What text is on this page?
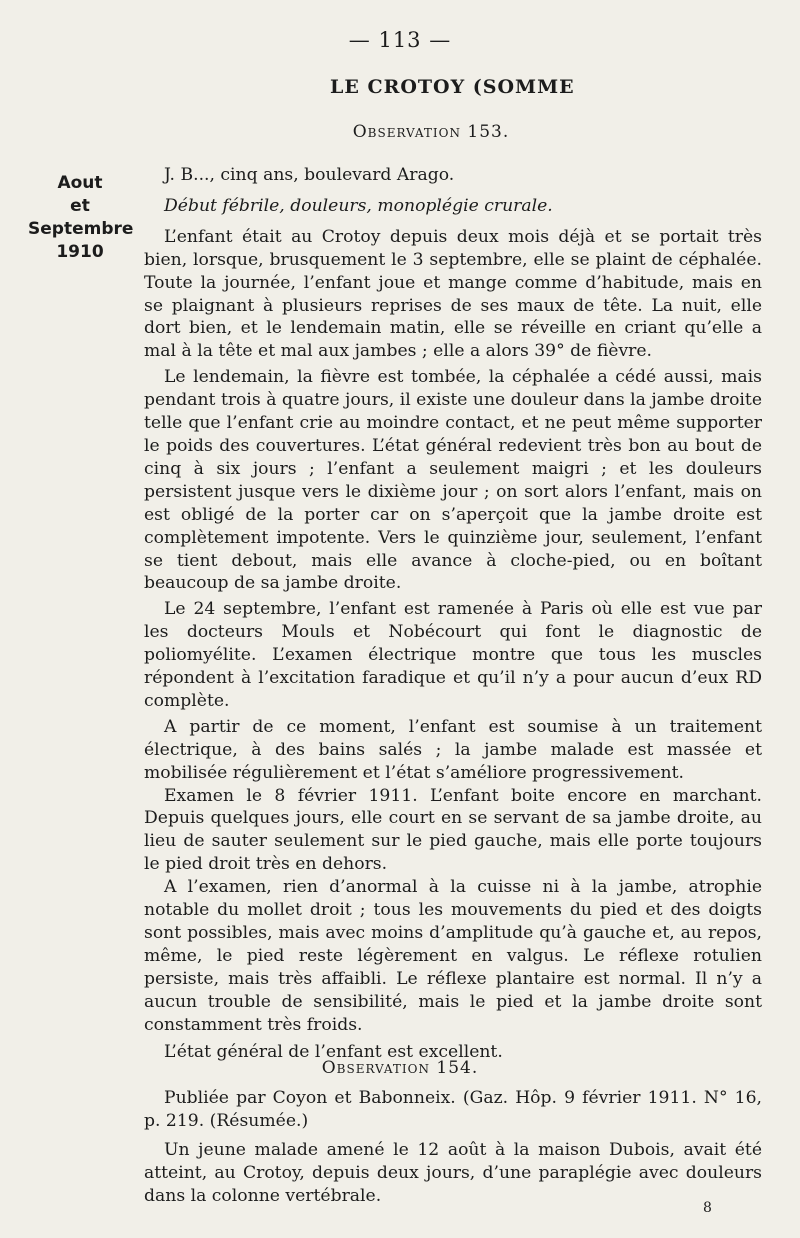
— 113 —
LE CROTOY (SOMME
Observation 153.
Aout
et
Septembre
1910

J. B..., cinq ans, boulevard Arago.

Début fébrile, douleurs, monoplégie crurale.

L’enfant était au Crotoy depuis deux mois déjà et se portait très bien, lorsque, brusquement le 3 septembre, elle se plaint de céphalée. Toute la journée, l’enfant joue et mange comme d’habitude, mais en se plaignant à plusieurs reprises de ses maux de tête. La nuit, elle dort bien, et le lendemain matin, elle se réveille en criant qu’elle a mal à la tête et mal aux jambes ; elle a alors 39° de fièvre.

Le lendemain, la fièvre est tombée, la céphalée a cédé aussi, mais pendant trois à quatre jours, il existe une douleur dans la jambe droite telle que l’enfant crie au moindre contact, et ne peut même supporter le poids des couvertures. L’état général redevient très bon au bout de cinq à six jours ; l’enfant a seulement maigri ; et les douleurs persistent jusque vers le dixième jour ; on sort alors l’enfant, mais on est obligé de la porter car on s’aperçoit que la jambe droite est complètement impotente. Vers le quinzième jour, seulement, l’enfant se tient debout, mais elle avance à cloche-pied, ou en boîtant beaucoup de sa jambe droite.

Le 24 septembre, l’enfant est ramenée à Paris où elle est vue par les docteurs Mouls et Nobécourt qui font le diagnostic de poliomyélite. L’examen électrique montre que tous les muscles répondent à l’excitation faradique et qu’il n’y a pour aucun d’eux RD complète.

A partir de ce moment, l’enfant est soumise à un traitement électrique, à des bains salés ; la jambe malade est massée et mobilisée régulièrement et l’état s’améliore progressivement.

Examen le 8 février 1911. L’enfant boite encore en marchant. Depuis quelques jours, elle court en se servant de sa jambe droite, au lieu de sauter seulement sur le pied gauche, mais elle porte toujours le pied droit très en dehors.

A l’examen, rien d’anormal à la cuisse ni à la jambe, atrophie notable du mollet droit ; tous les mouvements du pied et des doigts sont possibles, mais avec moins d’amplitude qu’à gauche et, au repos, même, le pied reste légèrement en valgus. Le réflexe rotulien persiste, mais très affaibli. Le réflexe plantaire est normal. Il n’y a aucun trouble de sensibilité, mais le pied et la jambe droite sont constamment très froids.

L’état général de l’enfant est excellent.

Observation 154.

Publiée par Coyon et Babonneix. (Gaz. Hôp. 9 février 1911. N° 16, p. 219. (Résumée.)

Un jeune malade amené le 12 août à la maison Dubois, avait été atteint, au Crotoy, depuis deux jours, d’une paraplégie avec douleurs dans la colonne vertébrale.

8
